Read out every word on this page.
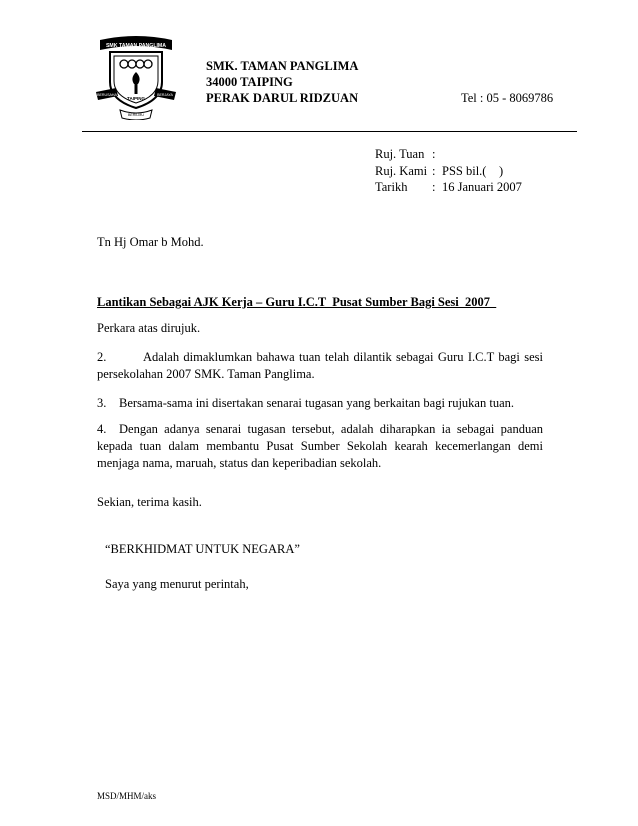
SMK TAMAN PANGLIMA
TAIPING
BERUSAHA	BERJAYA
BERILMU
SMK. TAMAN PANGLIMA
34000 TAIPING
PERAK DARUL RIDZUAN	Tel : 05 - 8069786
Ruj. Tuan :
Ruj. Kami : PSS bil.(    )
Tarikh : 16 Januari 2007
Tn Hj Omar b Mohd.
Lantikan Sebagai AJK Kerja – Guru I.C.T  Pusat Sumber Bagi Sesi  2007
Perkara atas dirujuk.
2.	Adalah dimaklumkan bahawa tuan telah dilantik sebagai Guru I.C.T bagi sesi persekolahan 2007 SMK. Taman Panglima.
3. Bersama-sama ini disertakan senarai tugasan yang berkaitan bagi rujukan tuan.
4. Dengan adanya senarai tugasan tersebut, adalah diharapkan ia sebagai panduan kepada tuan dalam membantu Pusat Sumber Sekolah kearah kecemerlangan demi menjaga nama, maruah, status dan keperibadian sekolah.
Sekian, terima kasih.
“BERKHIDMAT UNTUK NEGARA”
Saya yang menurut perintah,
MSD/MHM/aks
